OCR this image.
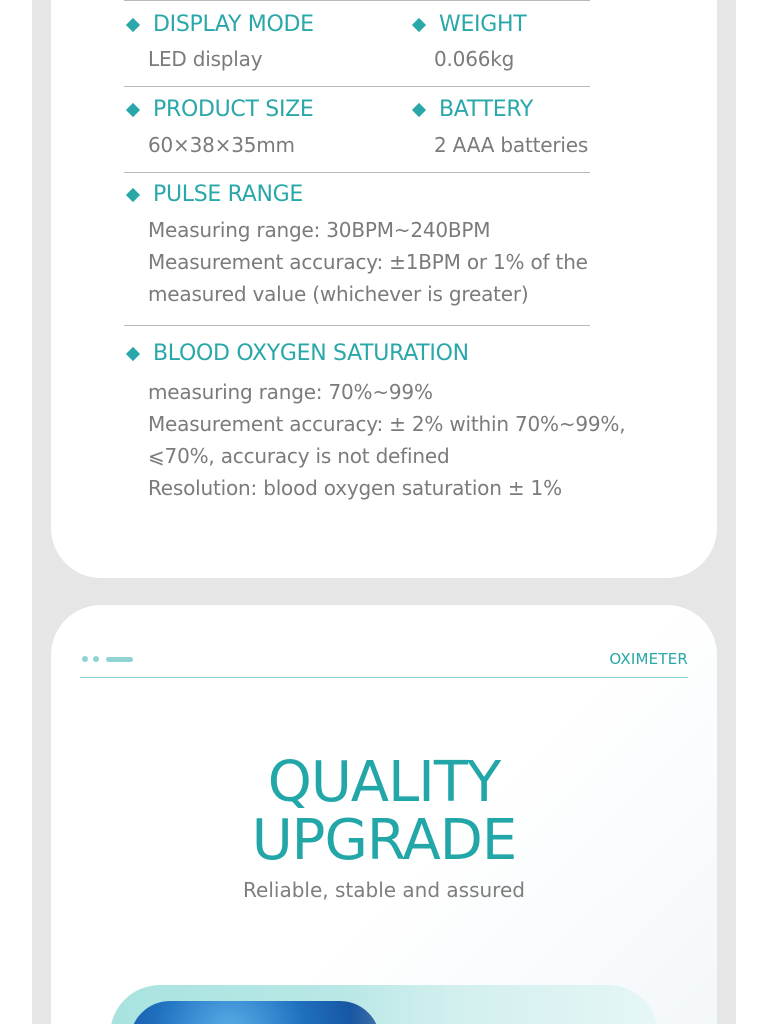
DISPLAY MODE
LED display
WEIGHT
0.066kg
PRODUCT SIZE
60×38×35mm
BATTERY
2 AAA batteries
PULSE RANGE
Measuring range: 30BPM~240BPM
Measurement accuracy: ±1BPM or 1% of the
measured value (whichever is greater)
BLOOD OXYGEN SATURATION
measuring range: 70%~99%
Measurement accuracy: ± 2% within 70%~99%,
⩽70%, accuracy is not defined
Resolution: blood oxygen saturation ± 1%
OXIMETER
QUALITY
UPGRADE
Reliable, stable and assured
